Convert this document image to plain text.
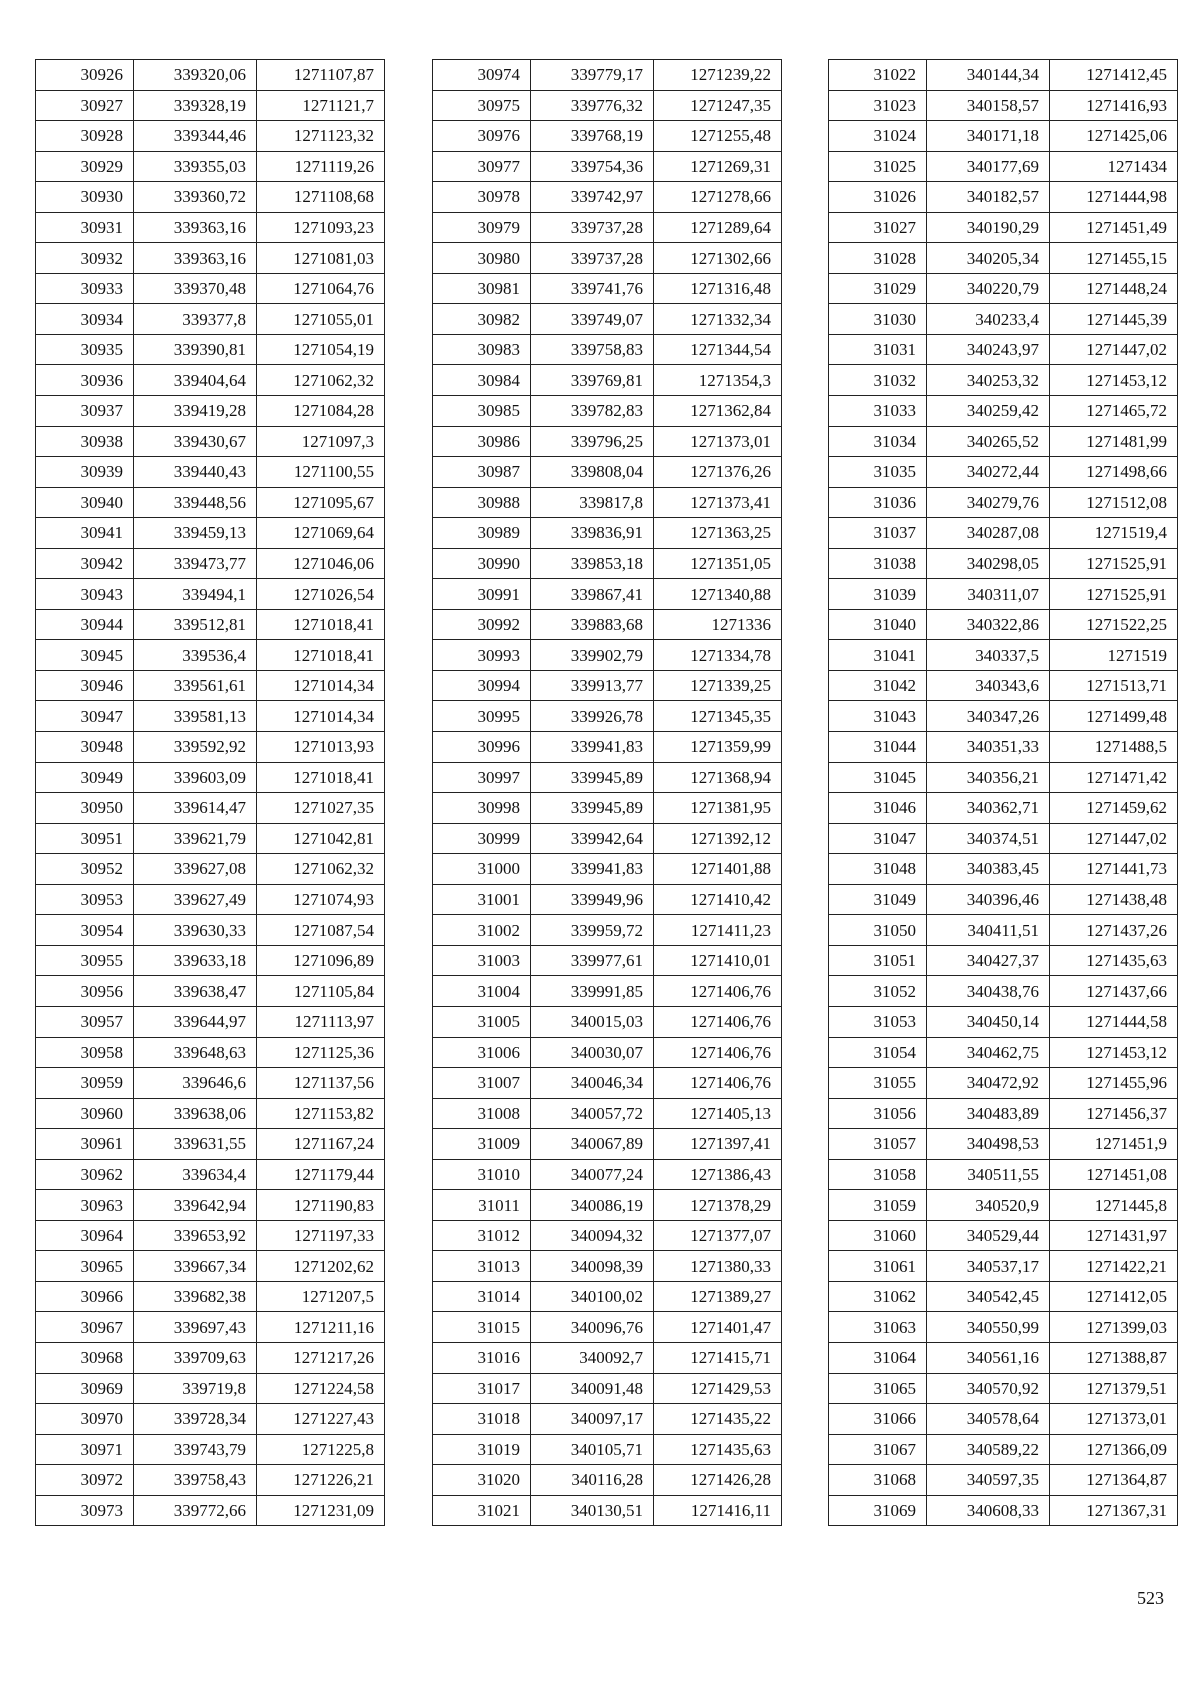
30926	339320,06	1271107,87
30927	339328,19	1271121,7
30928	339344,46	1271123,32
30929	339355,03	1271119,26
30930	339360,72	1271108,68
30931	339363,16	1271093,23
30932	339363,16	1271081,03
30933	339370,48	1271064,76
30934	339377,8	1271055,01
30935	339390,81	1271054,19
30936	339404,64	1271062,32
30937	339419,28	1271084,28
30938	339430,67	1271097,3
30939	339440,43	1271100,55
30940	339448,56	1271095,67
30941	339459,13	1271069,64
30942	339473,77	1271046,06
30943	339494,1	1271026,54
30944	339512,81	1271018,41
30945	339536,4	1271018,41
30946	339561,61	1271014,34
30947	339581,13	1271014,34
30948	339592,92	1271013,93
30949	339603,09	1271018,41
30950	339614,47	1271027,35
30951	339621,79	1271042,81
30952	339627,08	1271062,32
30953	339627,49	1271074,93
30954	339630,33	1271087,54
30955	339633,18	1271096,89
30956	339638,47	1271105,84
30957	339644,97	1271113,97
30958	339648,63	1271125,36
30959	339646,6	1271137,56
30960	339638,06	1271153,82
30961	339631,55	1271167,24
30962	339634,4	1271179,44
30963	339642,94	1271190,83
30964	339653,92	1271197,33
30965	339667,34	1271202,62
30966	339682,38	1271207,5
30967	339697,43	1271211,16
30968	339709,63	1271217,26
30969	339719,8	1271224,58
30970	339728,34	1271227,43
30971	339743,79	1271225,8
30972	339758,43	1271226,21
30973	339772,66	1271231,09
30974	339779,17	1271239,22
30975	339776,32	1271247,35
30976	339768,19	1271255,48
30977	339754,36	1271269,31
30978	339742,97	1271278,66
30979	339737,28	1271289,64
30980	339737,28	1271302,66
30981	339741,76	1271316,48
30982	339749,07	1271332,34
30983	339758,83	1271344,54
30984	339769,81	1271354,3
30985	339782,83	1271362,84
30986	339796,25	1271373,01
30987	339808,04	1271376,26
30988	339817,8	1271373,41
30989	339836,91	1271363,25
30990	339853,18	1271351,05
30991	339867,41	1271340,88
30992	339883,68	1271336
30993	339902,79	1271334,78
30994	339913,77	1271339,25
30995	339926,78	1271345,35
30996	339941,83	1271359,99
30997	339945,89	1271368,94
30998	339945,89	1271381,95
30999	339942,64	1271392,12
31000	339941,83	1271401,88
31001	339949,96	1271410,42
31002	339959,72	1271411,23
31003	339977,61	1271410,01
31004	339991,85	1271406,76
31005	340015,03	1271406,76
31006	340030,07	1271406,76
31007	340046,34	1271406,76
31008	340057,72	1271405,13
31009	340067,89	1271397,41
31010	340077,24	1271386,43
31011	340086,19	1271378,29
31012	340094,32	1271377,07
31013	340098,39	1271380,33
31014	340100,02	1271389,27
31015	340096,76	1271401,47
31016	340092,7	1271415,71
31017	340091,48	1271429,53
31018	340097,17	1271435,22
31019	340105,71	1271435,63
31020	340116,28	1271426,28
31021	340130,51	1271416,11
31022	340144,34	1271412,45
31023	340158,57	1271416,93
31024	340171,18	1271425,06
31025	340177,69	1271434
31026	340182,57	1271444,98
31027	340190,29	1271451,49
31028	340205,34	1271455,15
31029	340220,79	1271448,24
31030	340233,4	1271445,39
31031	340243,97	1271447,02
31032	340253,32	1271453,12
31033	340259,42	1271465,72
31034	340265,52	1271481,99
31035	340272,44	1271498,66
31036	340279,76	1271512,08
31037	340287,08	1271519,4
31038	340298,05	1271525,91
31039	340311,07	1271525,91
31040	340322,86	1271522,25
31041	340337,5	1271519
31042	340343,6	1271513,71
31043	340347,26	1271499,48
31044	340351,33	1271488,5
31045	340356,21	1271471,42
31046	340362,71	1271459,62
31047	340374,51	1271447,02
31048	340383,45	1271441,73
31049	340396,46	1271438,48
31050	340411,51	1271437,26
31051	340427,37	1271435,63
31052	340438,76	1271437,66
31053	340450,14	1271444,58
31054	340462,75	1271453,12
31055	340472,92	1271455,96
31056	340483,89	1271456,37
31057	340498,53	1271451,9
31058	340511,55	1271451,08
31059	340520,9	1271445,8
31060	340529,44	1271431,97
31061	340537,17	1271422,21
31062	340542,45	1271412,05
31063	340550,99	1271399,03
31064	340561,16	1271388,87
31065	340570,92	1271379,51
31066	340578,64	1271373,01
31067	340589,22	1271366,09
31068	340597,35	1271364,87
31069	340608,33	1271367,31
523
